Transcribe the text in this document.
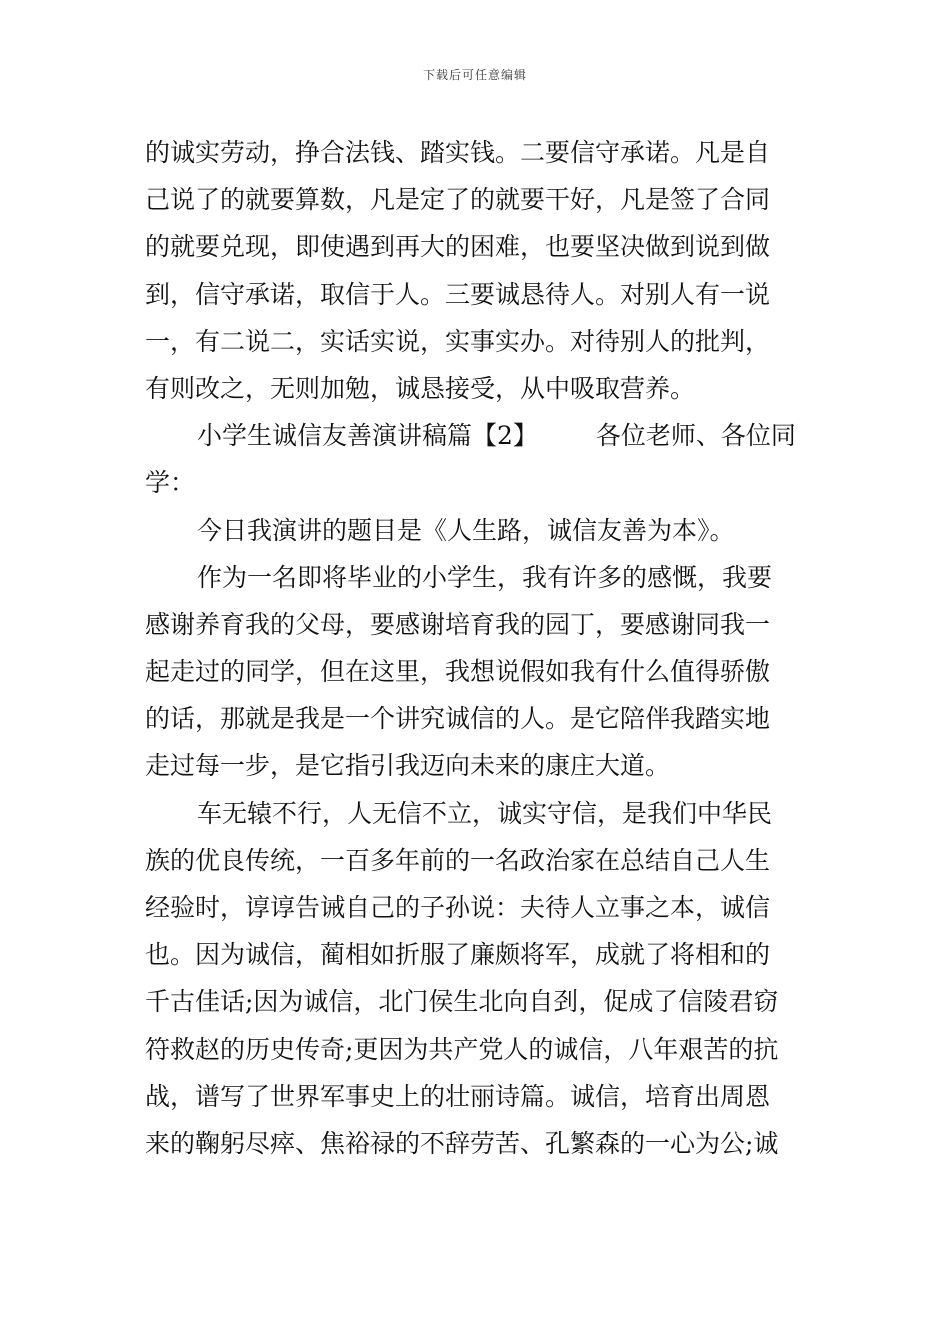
下载后可任意编辑
的诚实劳动，挣合法钱、踏实钱。二要信守承诺。凡是自
己说了的就要算数，凡是定了的就要干好，凡是签了合同
的就要兑现，即使遇到再大的困难，也要坚决做到说到做
到，信守承诺，取信于人。三要诚恳待人。对别人有一说
一，有二说二，实话实说，实事实办。对待别人的批判，
有则改之，无则加勉，诚恳接受，从中吸取营养。
小学生诚信友善演讲稿篇【2】 各位老师、各位同
学：
今日我演讲的题目是《人生路，诚信友善为本》。
作为一名即将毕业的小学生，我有许多的感慨，我要
感谢养育我的父母，要感谢培育我的园丁，要感谢同我一
起走过的同学，但在这里，我想说假如我有什么值得骄傲
的话，那就是我是一个讲究诚信的人。是它陪伴我踏实地
走过每一步，是它指引我迈向未来的康庄大道。
车无辕不行，人无信不立，诚实守信，是我们中华民
族的优良传统，一百多年前的一名政治家在总结自己人生
经验时，谆谆告诫自己的子孙说：夫待人立事之本，诚信
也。因为诚信，蔺相如折服了廉颇将军，成就了将相和的
千古佳话;因为诚信，北门侯生北向自刭，促成了信陵君窃
符救赵的历史传奇;更因为共产党人的诚信，八年艰苦的抗
战，谱写了世界军事史上的壮丽诗篇。诚信，培育出周恩
来的鞠躬尽瘁、焦裕禄的不辞劳苦、孔繁森的一心为公;诚
